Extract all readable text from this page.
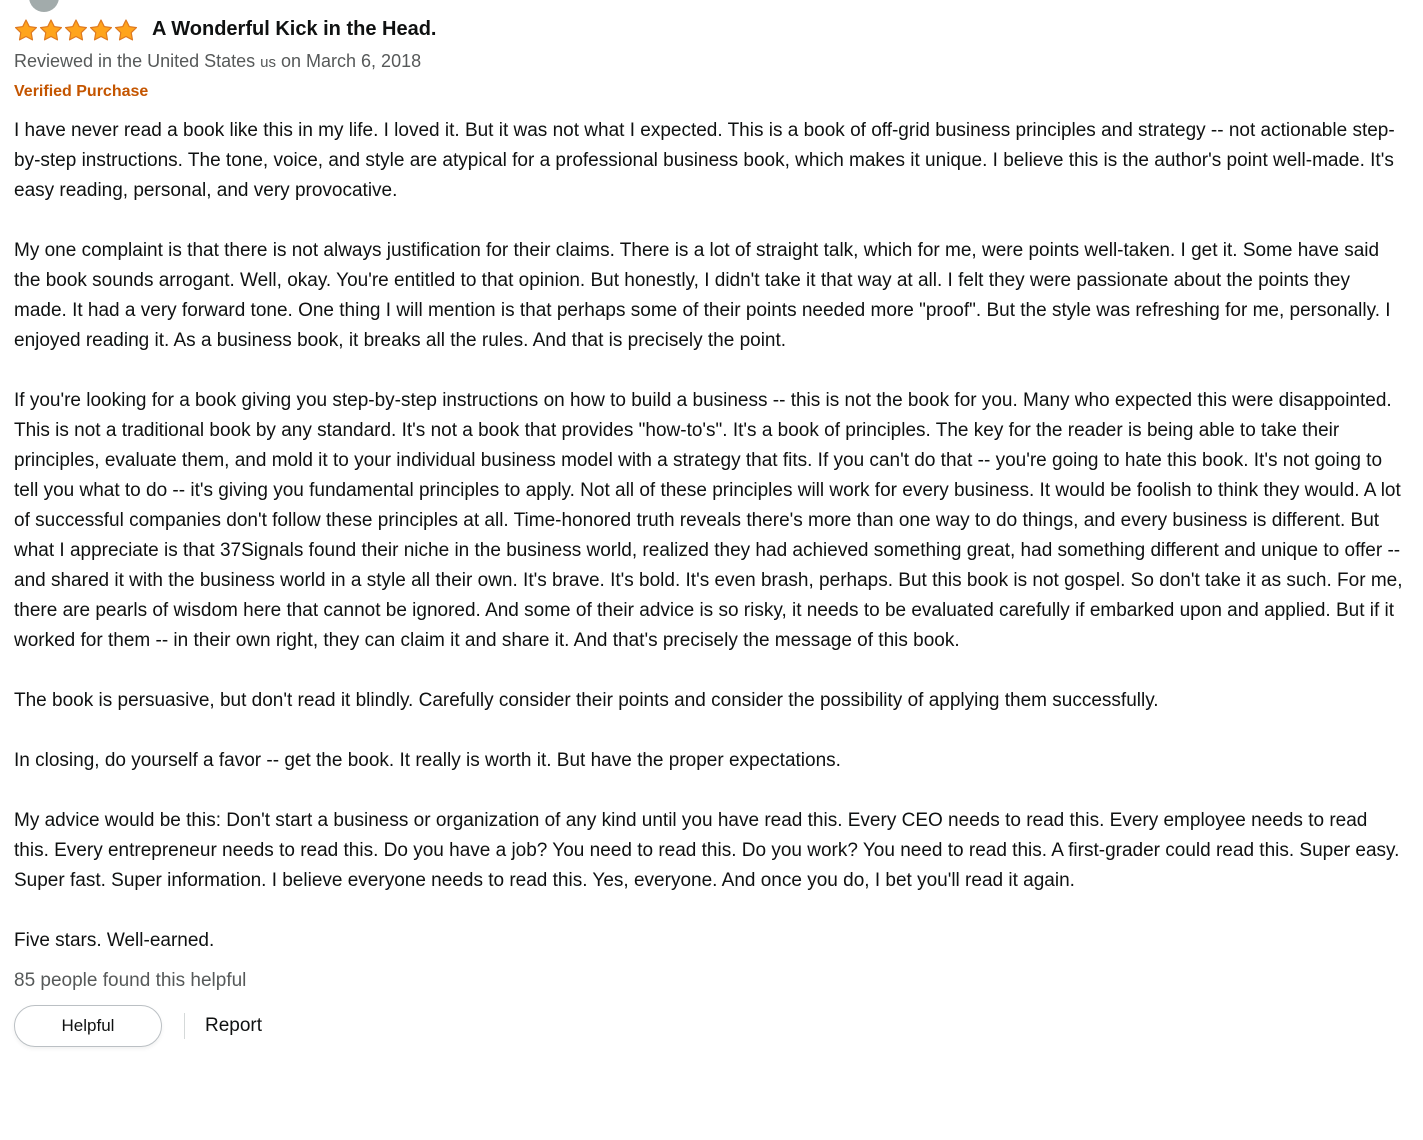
A Wonderful Kick in the Head.
Reviewed in the United States us on March 6, 2018
Verified Purchase
I have never read a book like this in my life. I loved it. But it was not what I expected. This is a book of off-grid business principles and strategy -- not actionable step-by-step instructions. The tone, voice, and style are atypical for a professional business book, which makes it unique. I believe this is the author's point well-made. It's easy reading, personal, and very provocative.
My one complaint is that there is not always justification for their claims. There is a lot of straight talk, which for me, were points well-taken. I get it. Some have said the book sounds arrogant. Well, okay. You're entitled to that opinion. But honestly, I didn't take it that way at all. I felt they were passionate about the points they made. It had a very forward tone. One thing I will mention is that perhaps some of their points needed more "proof". But the style was refreshing for me, personally. I enjoyed reading it. As a business book, it breaks all the rules. And that is precisely the point.
If you're looking for a book giving you step-by-step instructions on how to build a business -- this is not the book for you. Many who expected this were disappointed. This is not a traditional book by any standard. It's not a book that provides "how-to's". It's a book of principles. The key for the reader is being able to take their principles, evaluate them, and mold it to your individual business model with a strategy that fits. If you can't do that -- you're going to hate this book. It's not going to tell you what to do -- it's giving you fundamental principles to apply. Not all of these principles will work for every business. It would be foolish to think they would. A lot of successful companies don't follow these principles at all. Time-honored truth reveals there's more than one way to do things, and every business is different. But what I appreciate is that 37Signals found their niche in the business world, realized they had achieved something great, had something different and unique to offer -- and shared it with the business world in a style all their own. It's brave. It's bold. It's even brash, perhaps. But this book is not gospel. So don't take it as such. For me, there are pearls of wisdom here that cannot be ignored. And some of their advice is so risky, it needs to be evaluated carefully if embarked upon and applied. But if it worked for them -- in their own right, they can claim it and share it. And that's precisely the message of this book.
The book is persuasive, but don't read it blindly. Carefully consider their points and consider the possibility of applying them successfully.
In closing, do yourself a favor -- get the book. It really is worth it. But have the proper expectations.
My advice would be this: Don't start a business or organization of any kind until you have read this. Every CEO needs to read this. Every employee needs to read this. Every entrepreneur needs to read this. Do you have a job? You need to read this. Do you work? You need to read this. A first-grader could read this. Super easy. Super fast. Super information. I believe everyone needs to read this. Yes, everyone. And once you do, I bet you'll read it again.
Five stars. Well-earned.
85 people found this helpful
Helpful	Report
